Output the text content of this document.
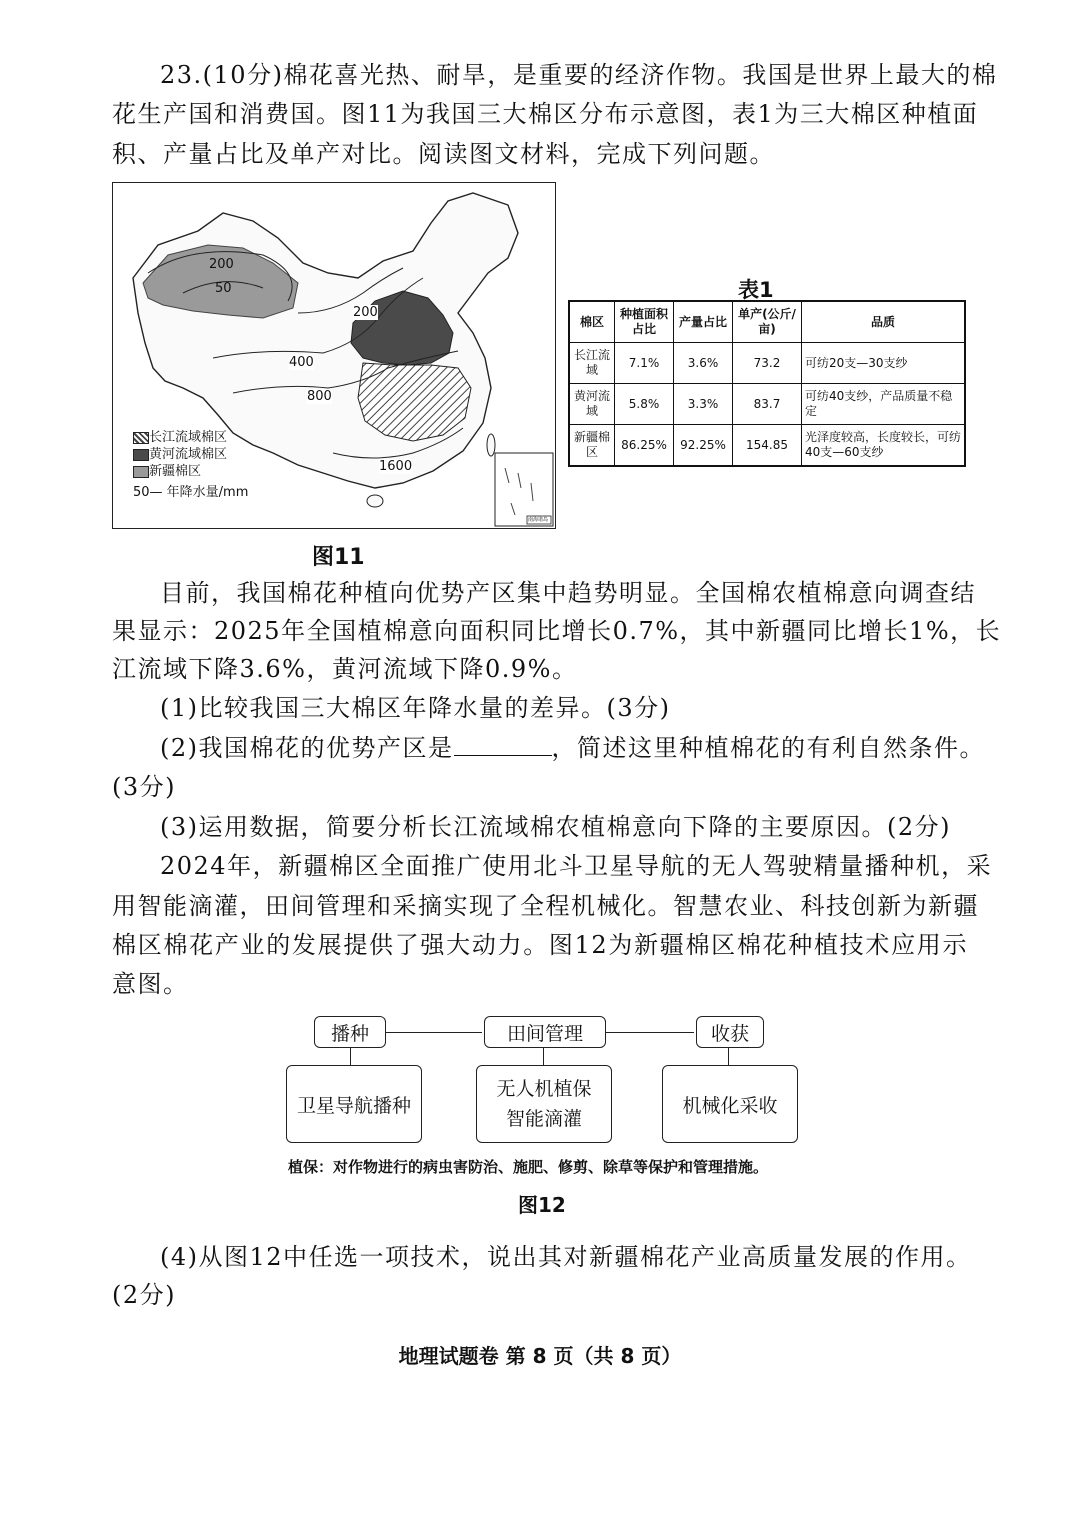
23.(10分)棉花喜光热、耐旱，是重要的经济作物。我国是世界上最大的棉

花生产国和消费国。图11为我国三大棉区分布示意图，表1为三大棉区种植面

积、产量占比及单产对比。阅读图文材料，完成下列问题。

200
50
200
400
800
1600
长江流域棉区
黄河流域棉区
新疆棉区
50— 年降水量/mm
南海诸岛
图11
表1
棉区	种植面积占比	产量占比	单产(公斤/亩)	品质
长江流域	7.1%	3.6%	73.2	可纺20支—30支纱
黄河流域	5.8%	3.3%	83.7	可纺40支纱，产品质量不稳定
新疆棉区	86.25%	92.25%	154.85	光泽度较高，长度较长，可纺40支—60支纱

目前，我国棉花种植向优势产区集中趋势明显。全国棉农植棉意向调查结

果显示：2025年全国植棉意向面积同比增长0.7%，其中新疆同比增长1%，长

江流域下降3.6%，黄河流域下降0.9%。

(1)比较我国三大棉区年降水量的差异。(3分)

(2)我国棉花的优势产区是	，简述这里种植棉花的有利自然条件。

(3分)

(3)运用数据，简要分析长江流域棉农植棉意向下降的主要原因。(2分)

2024年，新疆棉区全面推广使用北斗卫星导航的无人驾驶精量播种机，采

用智能滴灌，田间管理和采摘实现了全程机械化。智慧农业、科技创新为新疆

棉区棉花产业的发展提供了强大动力。图12为新疆棉区棉花种植技术应用示

意图。

播种	田间管理	收获
卫星导航播种
无人机植保
智能滴灌
机械化采收
植保：对作物进行的病虫害防治、施肥、修剪、除草等保护和管理措施。
图12

(4)从图12中任选一项技术，说出其对新疆棉花产业高质量发展的作用。

(2分)

地理试题卷 第 8 页（共 8 页）
